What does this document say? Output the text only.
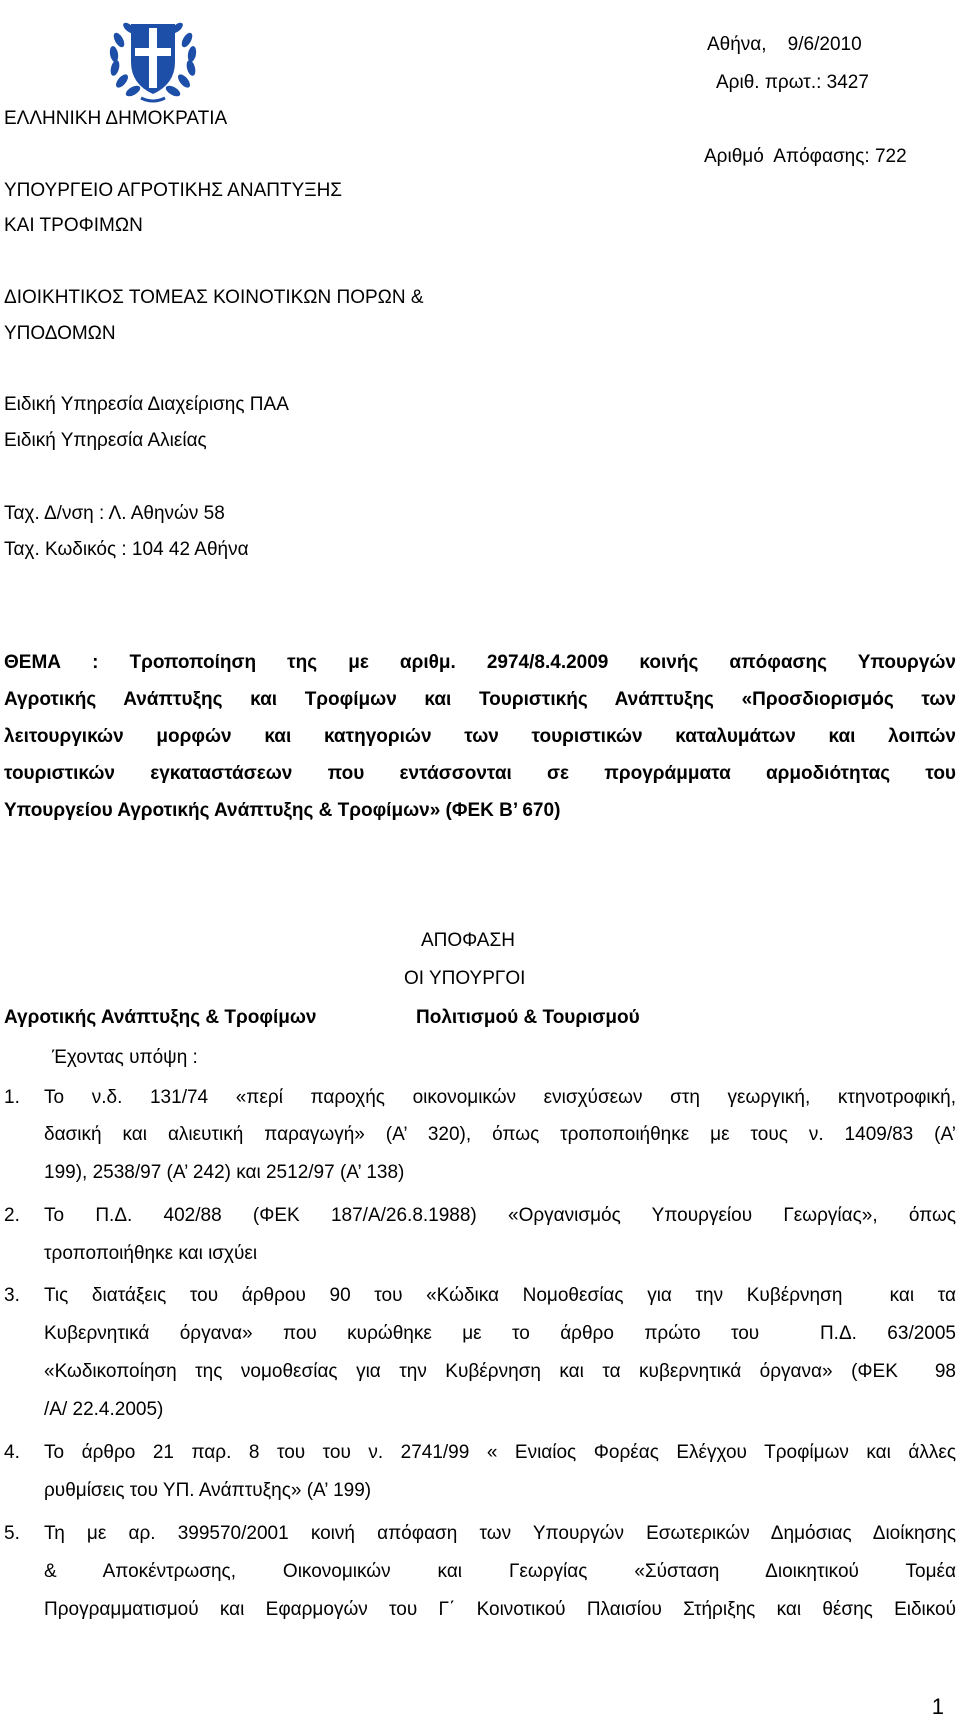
ΕΛΛΗΝΙΚΗ ΔΗΜΟΚΡΑΤΙΑ
ΥΠΟΥΡΓΕΙΟ ΑΓΡΟΤΙΚΗΣ ΑΝΑΠΤΥΞΗΣ
ΚΑΙ ΤΡΟΦΙΜΩΝ
ΔΙΟΙΚΗΤΙΚΟΣ ΤΟΜΕΑΣ ΚΟΙΝΟΤΙΚΩΝ ΠΟΡΩΝ &
ΥΠΟΔΟΜΩΝ
Ειδική Υπηρεσία Διαχείρισης ΠΑΑ
Ειδική Υπηρεσία Αλιείας
Ταχ. Δ/νση : Λ. Αθηνών 58
Ταχ. Κωδικός : 104 42 Αθήνα
Αθήνα,    9/6/2010
Αριθ. πρωτ.: 3427
Αριθμό  Απόφασης: 722
ΘΕΜΑ : Τροποποίηση της με αριθμ. 2974/8.4.2009 κοινής απόφασης Υπουργών
Αγροτικής Ανάπτυξης και Τροφίμων και Τουριστικής Ανάπτυξης «Προσδιορισμός των
λειτουργικών μορφών και κατηγοριών των τουριστικών καταλυμάτων και λοιπών
τουριστικών εγκαταστάσεων που εντάσσονται σε προγράμματα αρμοδιότητας του
Υπουργείου Αγροτικής Ανάπτυξης & Τροφίμων» (ΦΕΚ Β’ 670)
ΑΠΟΦΑΣΗ
ΟΙ ΥΠΟΥΡΓΟΙ
Αγροτικής Ανάπτυξης & Τροφίμων	Πολιτισμού & Τουρισμού
Έχοντας υπόψη :
1. Το ν.δ. 131/74 «περί παροχής οικονομικών ενισχύσεων στη γεωργική, κτηνοτροφική,
δασική και αλιευτική παραγωγή» (Α’ 320), όπως τροποποιήθηκε με τους ν. 1409/83 (Α’
199), 2538/97 (Α’ 242) και 2512/97 (Α’ 138)
2. Το Π.Δ. 402/88 (ΦΕΚ 187/Α/26.8.1988) «Οργανισμός Υπουργείου Γεωργίας», όπως
τροποποιήθηκε και ισχύει
3. Τις διατάξεις του άρθρου 90 του «Κώδικα Νομοθεσίας για την Κυβέρνηση  και τα
Κυβερνητικά όργανα» που κυρώθηκε με το άρθρο πρώτο του  Π.Δ. 63/2005
«Κωδικοποίηση της νομοθεσίας για την Κυβέρνηση και τα κυβερνητικά όργανα» (ΦΕΚ  98
/Α/ 22.4.2005)
4. Το άρθρο 21 παρ. 8 του του ν. 2741/99 « Ενιαίος Φορέας Ελέγχου Τροφίμων και άλλες
ρυθμίσεις του ΥΠ. Ανάπτυξης» (Α’ 199)
5. Τη με αρ. 399570/2001 κοινή απόφαση των Υπουργών Εσωτερικών Δημόσιας Διοίκησης
& Αποκέντρωσης, Οικονομικών και Γεωργίας «Σύσταση Διοικητικού Τομέα
Προγραμματισμού και Εφαρμογών του Γ΄ Κοινοτικού Πλαισίου Στήριξης και θέσης Ειδικού
1
